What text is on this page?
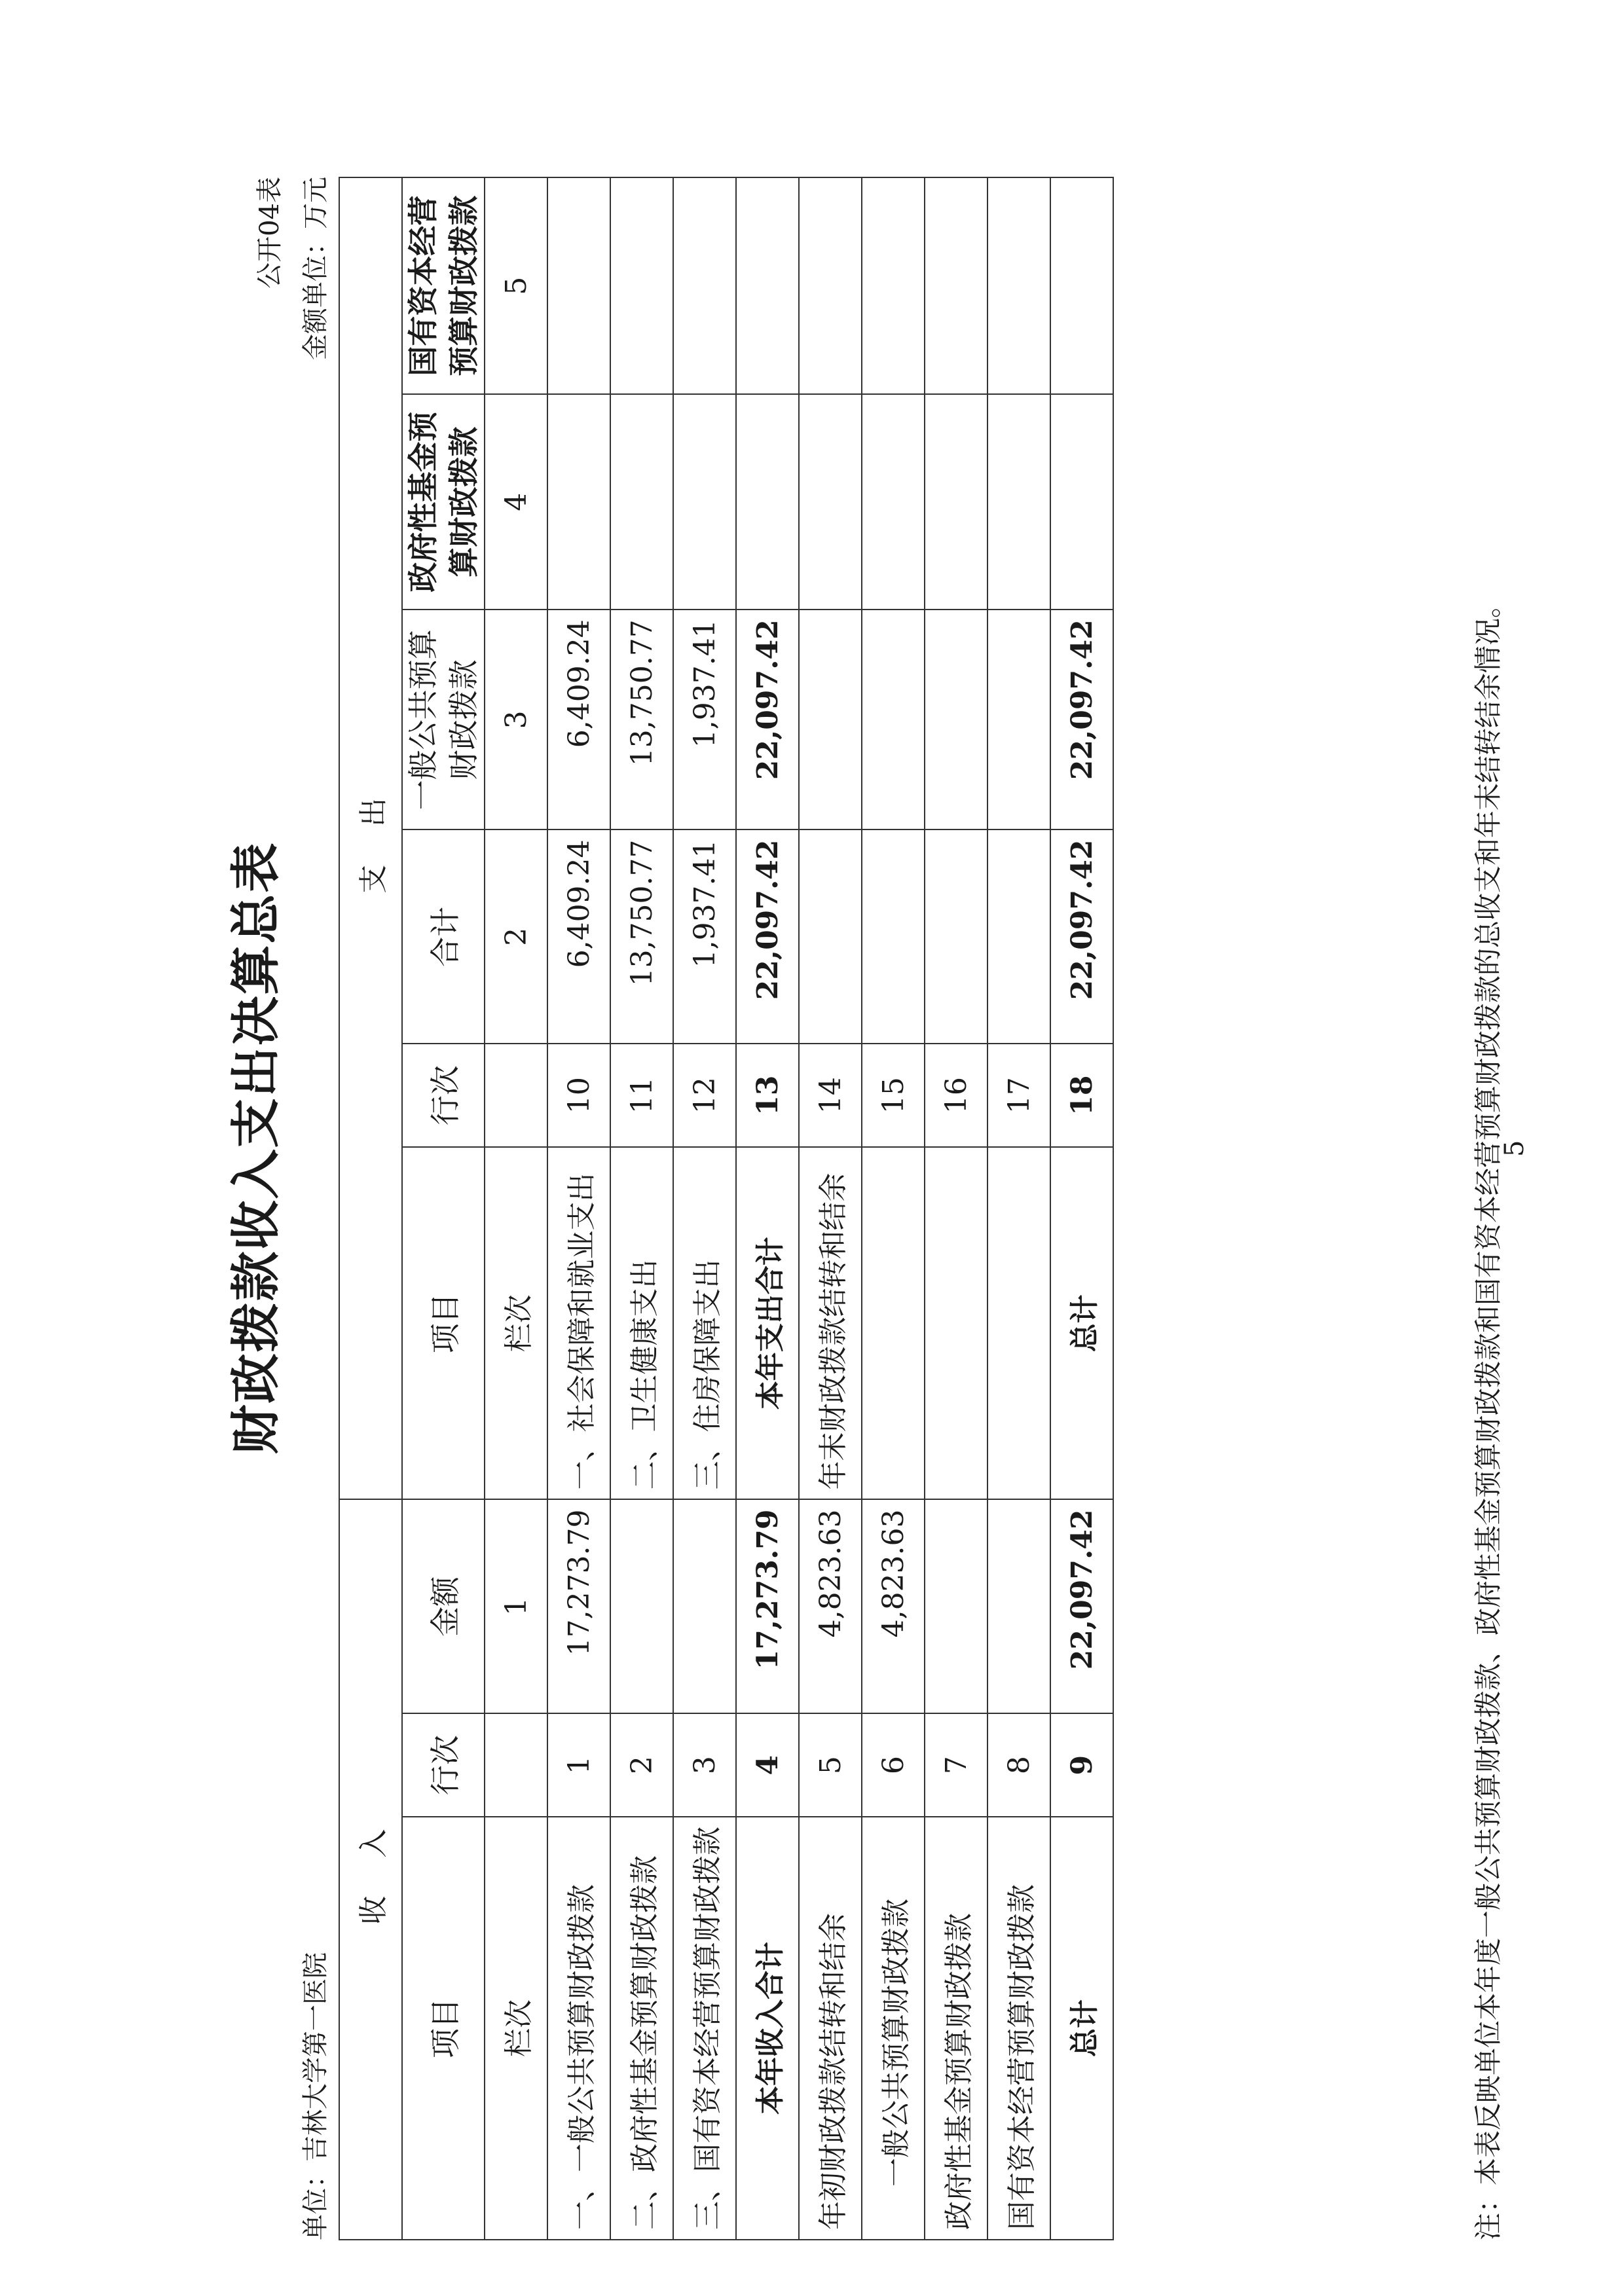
财政拨款收入支出决算总表
公开04表 金额单位：万元
单位：吉林大学第一医院
收 入			支 出					
项目	行次	金额	项目	行次	合计	一般公共预算财政拨款	政府性基金预算财政拨款	国有资本经营预算财政拨款
栏次		1	栏次		2	3	4	5
一、一般公共预算财政拨款	1	17,273.79	一、社会保障和就业支出	10	6,409.24	6,409.24		
二、政府性基金预算财政拨款	2		二、卫生健康支出	11	13,750.77	13,750.77		
三、国有资本经营预算财政拨款	3		三、住房保障支出	12	1,937.41	1,937.41		
本年收入合计	4	17,273.79	本年支出合计	13	22,097.42	22,097.42		
年初财政拨款结转和结余	5	4,823.63	年末财政拨款结转和结余	14				
一般公共预算财政拨款	6	4,823.63		15				
政府性基金预算财政拨款	7			16				
国有资本经营预算财政拨款	8			17				
总计	9	22,097.42	总计	18	22,097.42	22,097.42			注：本表反映单位本年度一般公共预算财政拨款、政府性基金预算财政拨款和国有资本经营预算财政拨款的总收支和年末结转结余情况。
5
